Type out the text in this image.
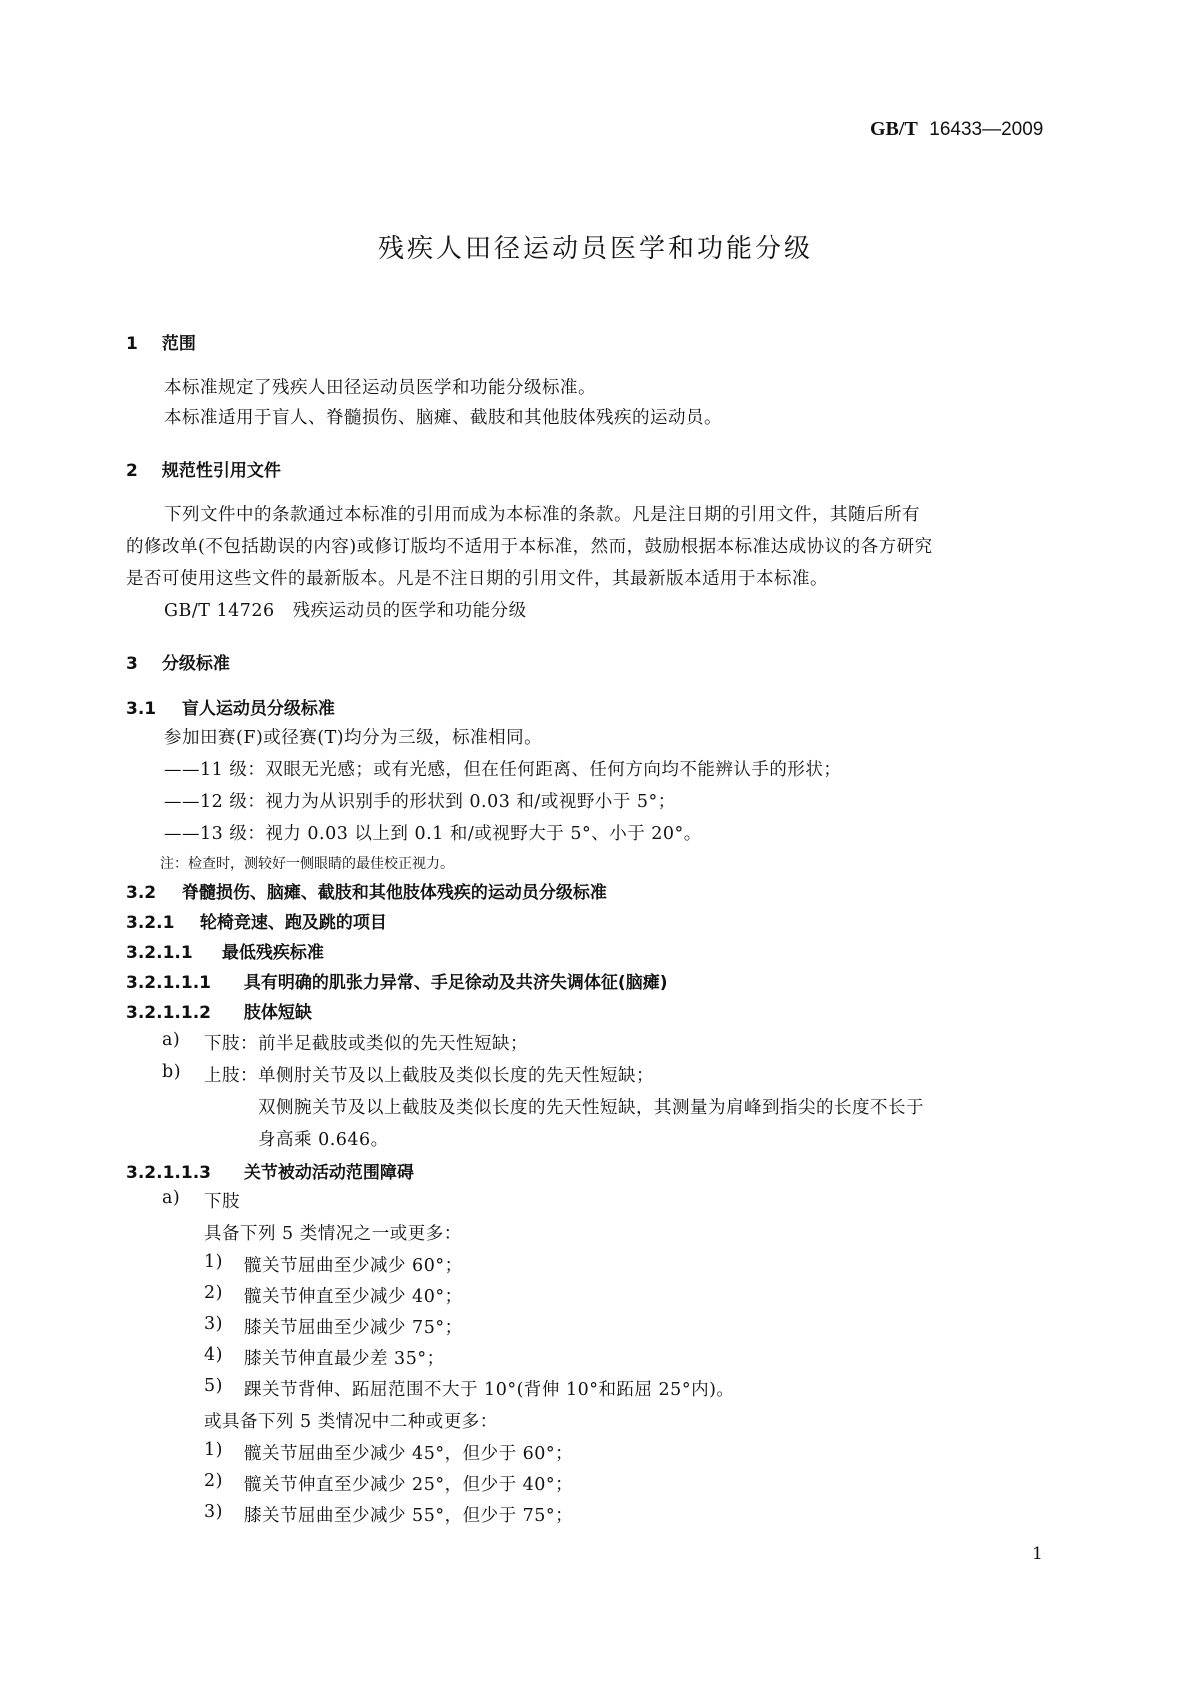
GB/T 16433—2009
残疾人田径运动员医学和功能分级
1 范围
本标准规定了残疾人田径运动员医学和功能分级标准。
本标准适用于盲人、脊髓损伤、脑瘫、截肢和其他肢体残疾的运动员。
2 规范性引用文件
下列文件中的条款通过本标准的引用而成为本标准的条款。凡是注日期的引用文件，其随后所有
的修改单(不包括勘误的内容)或修订版均不适用于本标准，然而，鼓励根据本标准达成协议的各方研究
是否可使用这些文件的最新版本。凡是不注日期的引用文件，其最新版本适用于本标准。
GB/T 14726　残疾运动员的医学和功能分级
3 分级标准
3.1 盲人运动员分级标准
参加田赛(F)或径赛(T)均分为三级，标准相同。
——11 级：双眼无光感；或有光感，但在任何距离、任何方向均不能辨认手的形状；
——12 级：视力为从识别手的形状到 0.03 和/或视野小于 5°；
——13 级：视力 0.03 以上到 0.1 和/或视野大于 5°、小于 20°。
注：检查时，测较好一侧眼睛的最佳校正视力。
3.2 脊髓损伤、脑瘫、截肢和其他肢体残疾的运动员分级标准
3.2.1 轮椅竞速、跑及跳的项目
3.2.1.1 最低残疾标准
3.2.1.1.1 具有明确的肌张力异常、手足徐动及共济失调体征(脑瘫)
3.2.1.1.2 肢体短缺
a) 下肢：前半足截肢或类似的先天性短缺；
b) 上肢：单侧肘关节及以上截肢及类似长度的先天性短缺；
双侧腕关节及以上截肢及类似长度的先天性短缺，其测量为肩峰到指尖的长度不长于
身高乘 0.646。
3.2.1.1.3 关节被动活动范围障碍
a) 下肢
具备下列 5 类情况之一或更多：
1) 髋关节屈曲至少减少 60°；
2) 髋关节伸直至少减少 40°；
3) 膝关节屈曲至少减少 75°；
4) 膝关节伸直最少差 35°；
5) 踝关节背伸、跖屈范围不大于 10°(背伸 10°和跖屈 25°内)。
或具备下列 5 类情况中二种或更多：
1) 髋关节屈曲至少减少 45°，但少于 60°；
2) 髋关节伸直至少减少 25°，但少于 40°；
3) 膝关节屈曲至少减少 55°，但少于 75°；
1
